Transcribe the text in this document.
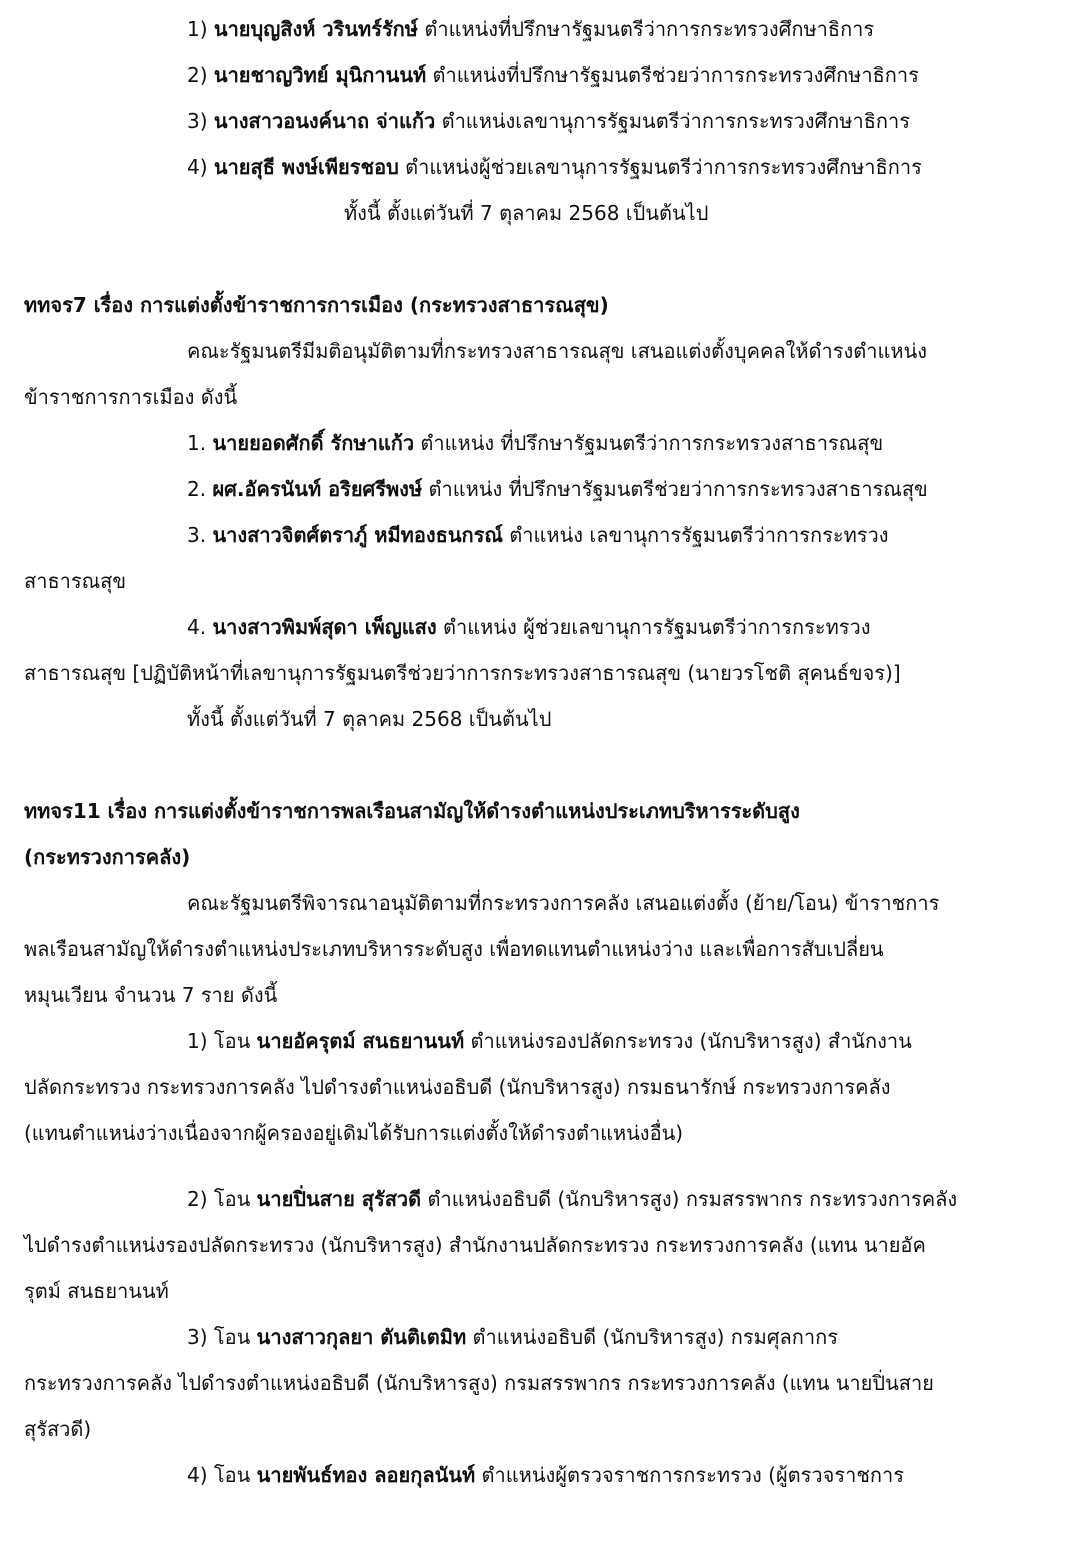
1) นายบุญสิงห์ วรินทร์รักษ์ ตำแหน่งที่ปรึกษารัฐมนตรีว่าการกระทรวงศึกษาธิการ
2) นายชาญวิทย์ มุนิกานนท์ ตำแหน่งที่ปรึกษารัฐมนตรีช่วยว่าการกระทรวงศึกษาธิการ
3) นางสาวอนงค์นาถ จ่าแก้ว ตำแหน่งเลขานุการรัฐมนตรีว่าการกระทรวงศึกษาธิการ
4) นายสุธี พงษ์เพียรชอบ ตำแหน่งผู้ช่วยเลขานุการรัฐมนตรีว่าการกระทรวงศึกษาธิการ
ทั้งนี้ ตั้งแต่วันที่ 7 ตุลาคม 2568 เป็นต้นไป
ททจร7 เรื่อง การแต่งตั้งข้าราชการการเมือง (กระทรวงสาธารณสุข)
คณะรัฐมนตรีมีมติอนุมัติตามที่กระทรวงสาธารณสุข เสนอแต่งตั้งบุคคลให้ดำรงตำแหน่ง
ข้าราชการการเมือง ดังนี้
1. นายยอดศักดิ์ รักษาแก้ว ตำแหน่ง ที่ปรึกษารัฐมนตรีว่าการกระทรวงสาธารณสุข
2. ผศ.อัครนันท์ อริยศรีพงษ์ ตำแหน่ง ที่ปรึกษารัฐมนตรีช่วยว่าการกระทรวงสาธารณสุข
3. นางสาวจิตศ์ตราภู์ หมีทองธนกรณ์ ตำแหน่ง เลขานุการรัฐมนตรีว่าการกระทรวง
สาธารณสุข
4. นางสาวพิมพ์สุดา เพ็ญแสง ตำแหน่ง ผู้ช่วยเลขานุการรัฐมนตรีว่าการกระทรวง
สาธารณสุข [ปฏิบัติหน้าที่เลขานุการรัฐมนตรีช่วยว่าการกระทรวงสาธารณสุข (นายวรโชติ สุคนธ์ขจร)]
ทั้งนี้ ตั้งแต่วันที่ 7 ตุลาคม 2568 เป็นต้นไป
ททจร11 เรื่อง การแต่งตั้งข้าราชการพลเรือนสามัญให้ดำรงตำแหน่งประเภทบริหารระดับสูง
(กระทรวงการคลัง)
คณะรัฐมนตรีพิจารณาอนุมัติตามที่กระทรวงการคลัง เสนอแต่งตั้ง (ย้าย/โอน) ข้าราชการ
พลเรือนสามัญให้ดำรงตำแหน่งประเภทบริหารระดับสูง เพื่อทดแทนตำแหน่งว่าง และเพื่อการสับเปลี่ยน
หมุนเวียน จำนวน 7 ราย ดังนี้
1) โอน นายอัครุตม์ สนธยานนท์ ตำแหน่งรองปลัดกระทรวง (นักบริหารสูง) สำนักงาน
ปลัดกระทรวง กระทรวงการคลัง ไปดำรงตำแหน่งอธิบดี (นักบริหารสูง) กรมธนารักษ์ กระทรวงการคลัง
(แทนตำแหน่งว่างเนื่องจากผู้ครองอยู่เดิมได้รับการแต่งตั้งให้ดำรงตำแหน่งอื่น)
2) โอน นายปิ่นสาย สุรัสวดี ตำแหน่งอธิบดี (นักบริหารสูง) กรมสรรพากร กระทรวงการคลัง
ไปดำรงตำแหน่งรองปลัดกระทรวง (นักบริหารสูง) สำนักงานปลัดกระทรวง กระทรวงการคลัง (แทน นายอัค
รุตม์ สนธยานนท์
3) โอน นางสาวกุลยา ตันติเตมิท ตำแหน่งอธิบดี (นักบริหารสูง) กรมศุลกากร
กระทรวงการคลัง ไปดำรงตำแหน่งอธิบดี (นักบริหารสูง) กรมสรรพากร กระทรวงการคลัง (แทน นายปิ่นสาย
สุรัสวดี)
4) โอน นายพันธ์ทอง ลอยกุลนันท์ ตำแหน่งผู้ตรวจราชการกระทรวง (ผู้ตรวจราชการ
